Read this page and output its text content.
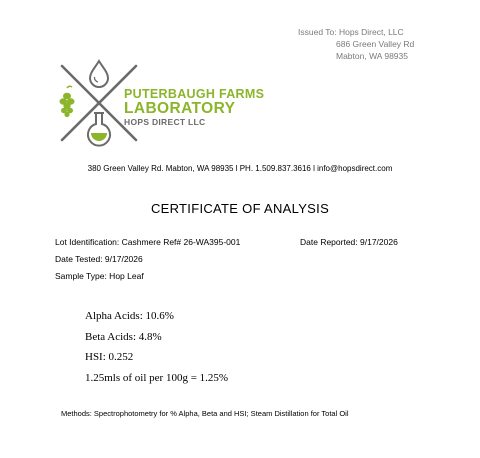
Issued To: Hops Direct, LLC
686 Green Valley Rd
Mabton, WA 98935
PUTERBAUGH FARMS
LABORATORY
HOPS DIRECT LLC
380 Green Valley Rd. Mabton, WA 98935 l PH. 1.509.837.3616 l info@hopsdirect.com
CERTIFICATE OF ANALYSIS
Lot Identification: Cashmere Ref# 26-WA395-001	Date Reported: 9/17/2026
Date Tested: 9/17/2026
Sample Type: Hop Leaf
Alpha Acids: 10.6%
Beta Acids: 4.8%
HSI: 0.252
1.25mls of oil per 100g = 1.25%
Methods: Spectrophotometry for % Alpha, Beta and HSI; Steam Distillation for Total Oil
